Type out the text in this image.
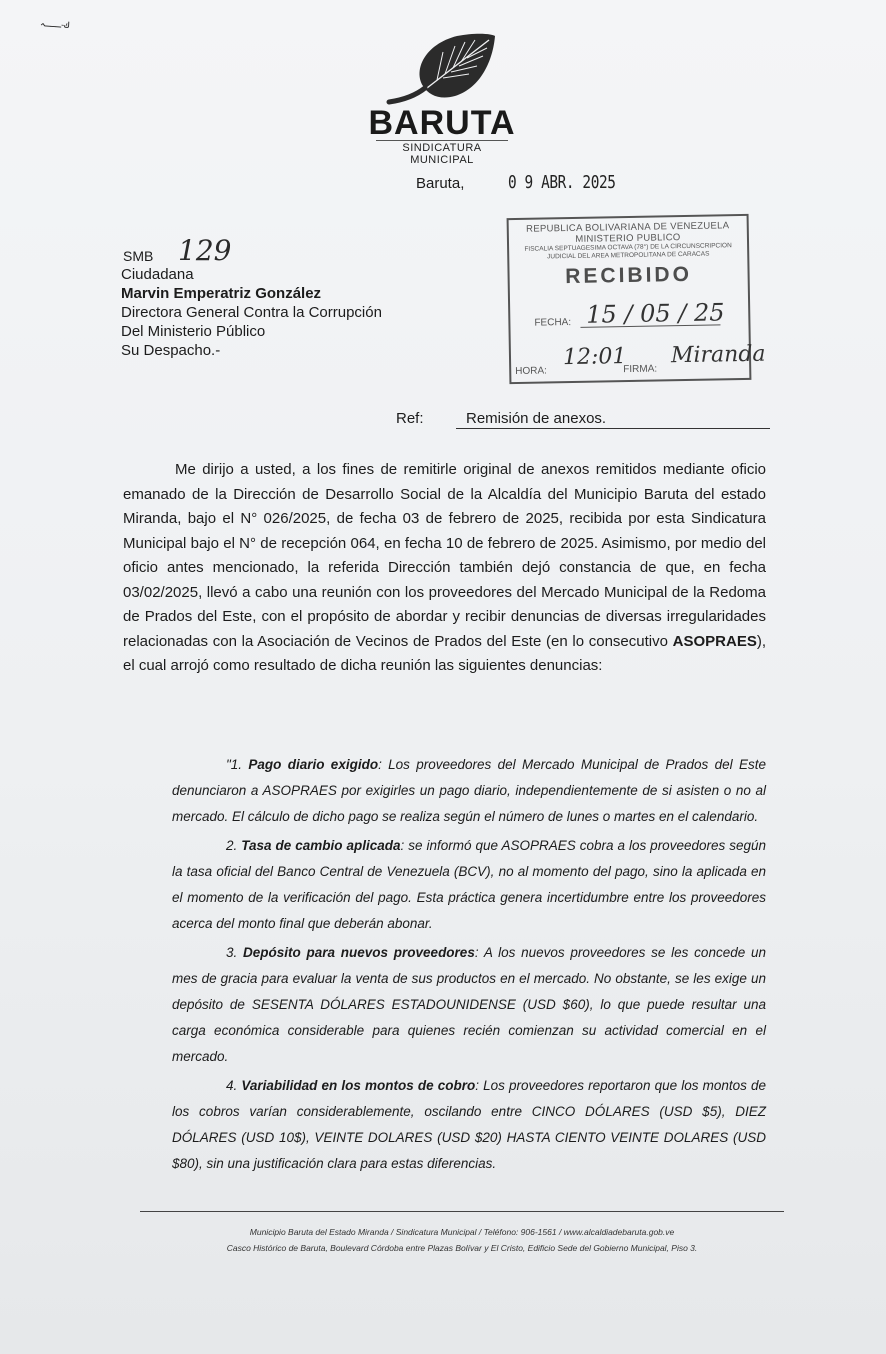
ك-ـــہ
BARUTA
SINDICATURA MUNICIPAL
Baruta, 0 9 ABR. 2025
SMB 129
Ciudadana
Marvin Emperatriz González
Directora General Contra la Corrupción
Del Ministerio Público
Su Despacho.-
REPUBLICA BOLIVARIANA DE VENEZUELA
MINISTERIO PUBLICO
FISCALIA SEPTUAGESIMA OCTAVA (78°) DE LA CIRCUNSCRIPCION
JUDICIAL DEL AREA METROPOLITANA DE CARACAS
RECIBIDO
FECHA: 15 / 05 / 25
HORA:
12:01
FIRMA:
Miranda
Ref:	Remisión de anexos.

Me dirijo a usted, a los fines de remitirle original de anexos remitidos mediante oficio emanado de la Dirección de Desarrollo Social de la Alcaldía del Municipio Baruta del estado Miranda, bajo el N° 026/2025, de fecha 03 de febrero de 2025, recibida por esta Sindicatura Municipal bajo el N° de recepción 064, en fecha 10 de febrero de 2025. Asimismo, por medio del oficio antes mencionado, la referida Dirección también dejó constancia de que, en fecha 03/02/2025, llevó a cabo una reunión con los proveedores del Mercado Municipal de la Redoma de Prados del Este, con el propósito de abordar y recibir denuncias de diversas irregularidades relacionadas con la Asociación de Vecinos de Prados del Este (en lo consecutivo ASOPRAES), el cual arrojó como resultado de dicha reunión las siguientes denuncias:

"1. Pago diario exigido: Los proveedores del Mercado Municipal de Prados del Este denunciaron a ASOPRAES por exigirles un pago diario, independientemente de si asisten o no al mercado. El cálculo de dicho pago se realiza según el número de lunes o martes en el calendario.

2. Tasa de cambio aplicada: se informó que ASOPRAES cobra a los proveedores según la tasa oficial del Banco Central de Venezuela (BCV), no al momento del pago, sino la aplicada en el momento de la verificación del pago. Esta práctica genera incertidumbre entre los proveedores acerca del monto final que deberán abonar.

3. Depósito para nuevos proveedores: A los nuevos proveedores se les concede un mes de gracia para evaluar la venta de sus productos en el mercado. No obstante, se les exige un depósito de SESENTA DÓLARES ESTADOUNIDENSE (USD $60), lo que puede resultar una carga económica considerable para quienes recién comienzan su actividad comercial en el mercado.

4. Variabilidad en los montos de cobro: Los proveedores reportaron que los montos de los cobros varían considerablemente, oscilando entre CINCO DÓLARES (USD $5), DIEZ DÓLARES (USD 10$), VEINTE DOLARES (USD $20) HASTA CIENTO VEINTE DOLARES (USD $80), sin una justificación clara para estas diferencias.

Municipio Baruta del Estado Miranda / Sindicatura Municipal / Teléfono: 906-1561 / www.alcaldiadebaruta.gob.ve
Casco Histórico de Baruta, Boulevard Córdoba entre Plazas Bolívar y El Cristo, Edificio Sede del Gobierno Municipal, Piso 3.
